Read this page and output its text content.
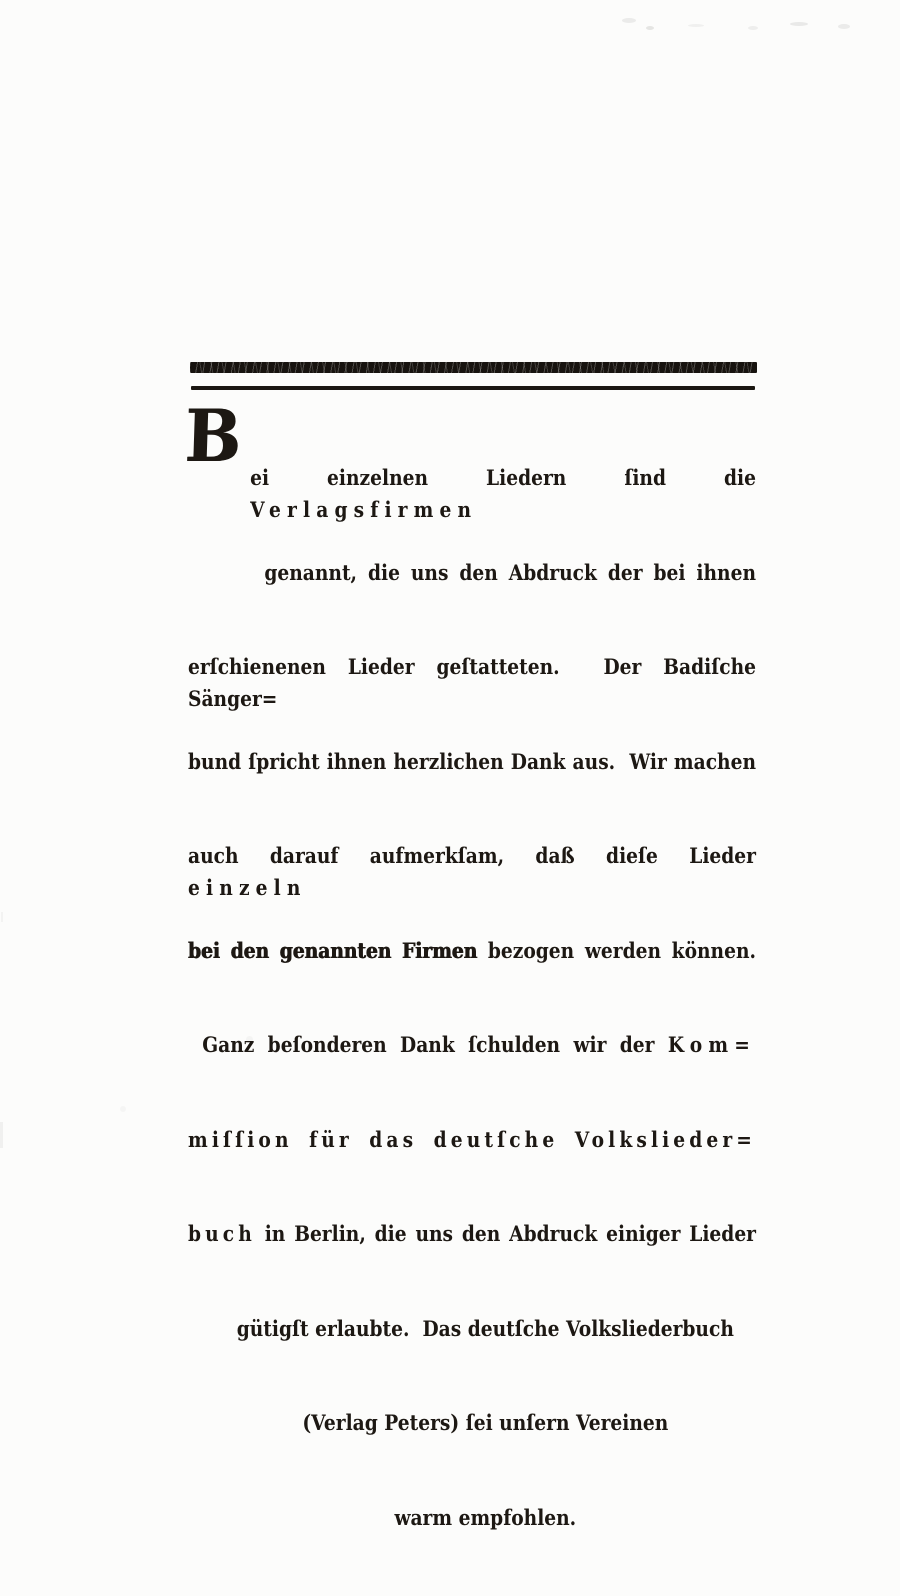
B

ei einzelnen Liedern ſind die Verlagsfirmen

genannt, die uns den Abdruck der bei ihnen

erſchienenen Lieder geſtatteten.  Der Badiſche Sänger=

bund ſpricht ihnen herzlichen Dank aus.  Wir machen

auch darauf aufmerkſam, daß dieſe Lieder einzeln

bei den genannten Firmen bezogen werden können.

Ganz beſonderen Dank ſchulden wir der Kom=

miſſion für das deutſche Volkslieder=

buch in Berlin, die uns den Abdruck einiger Lieder

gütigſt erlaubte.  Das deutſche Volksliederbuch

(Verlag Peters) ſei unſern Vereinen

warm empfohlen.
